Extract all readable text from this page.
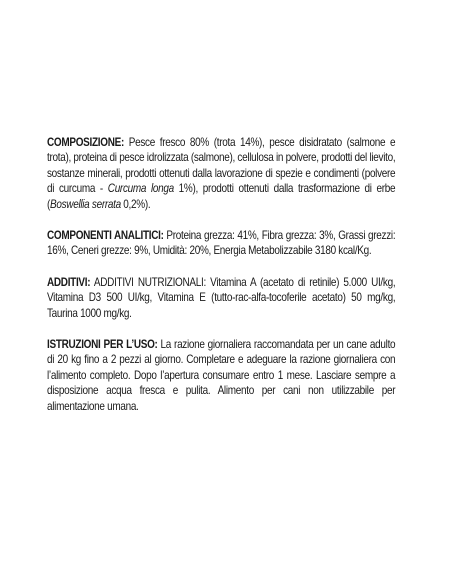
COMPOSIZIONE: Pesce fresco 80% (trota 14%), pesce disidratato (salmone e trota), proteina di pesce idrolizzata (salmone), cellulosa in polvere, prodotti del lievito, sostanze minerali, prodotti ottenuti dalla lavorazione di spezie e condimenti (polvere di curcuma - Curcuma longa 1%), prodotti ottenuti dalla trasformazione di erbe (Boswellia serrata 0,2%).

COMPONENTI ANALITICI: Proteina grezza: 41%, Fibra grezza: 3%, Grassi grezzi: 16%, Ceneri grezze: 9%, Umidità: 20%, Energia Metabolizzabile 3180 kcal/Kg.

ADDITIVI: ADDITIVI NUTRIZIONALI: Vitamina A (acetato di retinile) 5.000 UI/kg, Vitamina D3 500 UI/kg, Vitamina E (tutto-rac-alfa-tocoferile acetato) 50 mg/kg, Taurina 1000 mg/kg.

ISTRUZIONI PER L’USO: La razione giornaliera raccomandata per un cane adulto di 20 kg fino a 2 pezzi al giorno. Completare e adeguare la razione giornaliera con l’alimento completo. Dopo l’apertura consumare entro 1 mese. Lasciare sempre a disposizione acqua fresca e pulita. Alimento per cani non utilizzabile per alimentazione umana.
